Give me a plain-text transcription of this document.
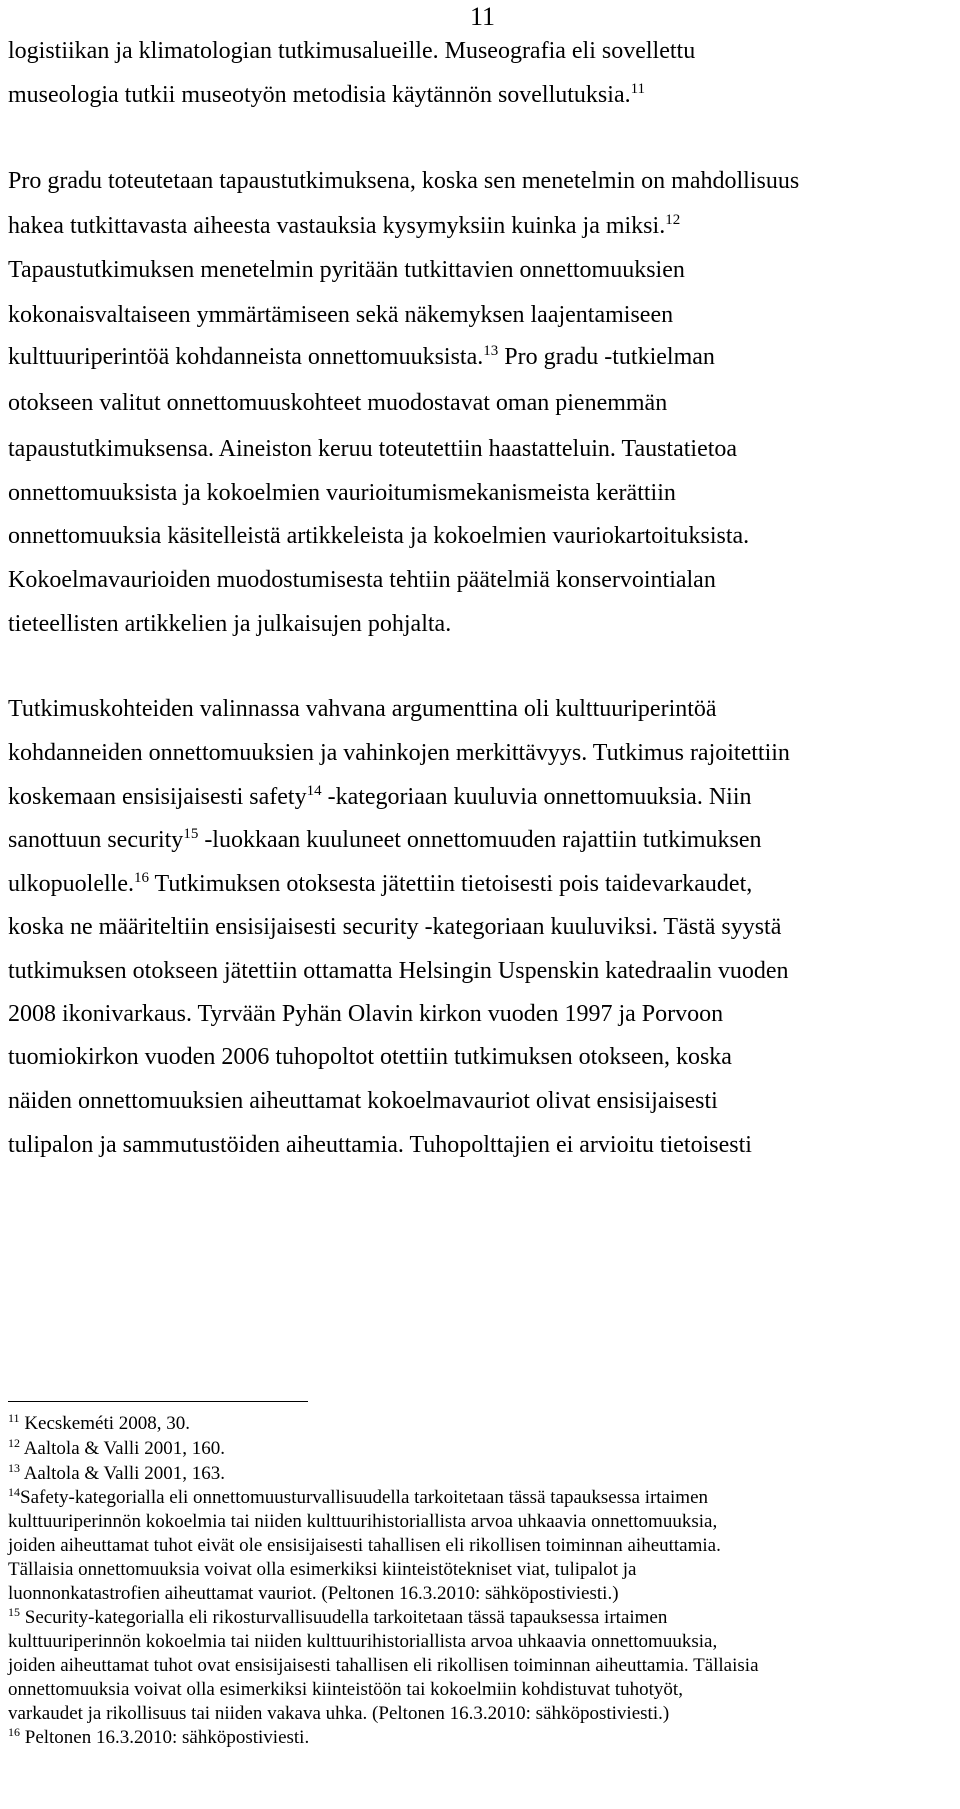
11
logistiikan ja klimatologian tutkimusalueille. Museografia eli sovellettu
museologia tutkii museotyön metodisia käytännön sovellutuksia.$^{11}$
Pro gradu toteutetaan tapaustutkimuksena, koska sen menetelmin on mahdollisuus
hakea tutkittavasta aiheesta vastauksia kysymyksiin kuinka ja miksi.$^{12}$
Tapaustutkimuksen menetelmin pyritään tutkittavien onnettomuuksien
kokonaisvaltaiseen ymmärtämiseen sekä näkemyksen laajentamiseen
kulttuuriperintöä kohdanneista onnettomuuksista.$^{13}$ Pro gradu -tutkielman
otokseen valitut onnettomuuskohteet muodostavat oman pienemmän
tapaustutkimuksensa. Aineiston keruu toteutettiin haastatteluin. Taustatietoa
onnettomuuksista ja kokoelmien vaurioitumismekanismeista kerättiin
onnettomuuksia käsitelleistä artikkeleista ja kokoelmien vauriokartoituksista.
Kokoelmavaurioiden muodostumisesta tehtiin päätelmiä konservointialan
tieteellisten artikkelien ja julkaisujen pohjalta.
Tutkimuskohteiden valinnassa vahvana argumenttina oli kulttuuriperintöä
kohdanneiden onnettomuuksien ja vahinkojen merkittävyys. Tutkimus rajoitettiin
koskemaan ensisijaisesti safety$^{14}$ -kategoriaan kuuluvia onnettomuuksia. Niin
sanottuun security$^{15}$ -luokkaan kuuluneet onnettomuuden rajattiin tutkimuksen
ulkopuolelle.$^{16}$ Tutkimuksen otoksesta jätettiin tietoisesti pois taidevarkaudet,
koska ne määriteltiin ensisijaisesti security -kategoriaan kuuluviksi. Tästä syystä
tutkimuksen otokseen jätettiin ottamatta Helsingin Uspenskin katedraalin vuoden
2008 ikonivarkaus. Tyrvään Pyhän Olavin kirkon vuoden 1997 ja Porvoon
tuomiokirkon vuoden 2006 tuhopoltot otettiin tutkimuksen otokseen, koska
näiden onnettomuuksien aiheuttamat kokoelmavauriot olivat ensisijaisesti
tulipalon ja sammutustöiden aiheuttamia. Tuhopolttajien ei arvioitu tietoisesti
$^{11}$ Kecskeméti 2008, 30.
$^{12}$ Aaltola & Valli 2001, 160.
$^{13}$ Aaltola & Valli 2001, 163.
$^{14}$Safety-kategorialla eli onnettomuusturvallisuudella tarkoitetaan tässä tapauksessa irtaimen
kulttuuriperinnön kokoelmia tai niiden kulttuurihistoriallista arvoa uhkaavia onnettomuuksia,
joiden aiheuttamat tuhot eivät ole ensisijaisesti tahallisen eli rikollisen toiminnan aiheuttamia.
Tällaisia onnettomuuksia voivat olla esimerkiksi kiinteistötekniset viat, tulipalot ja
luonnonkatastrofien aiheuttamat vauriot. (Peltonen 16.3.2010: sähköpostiviesti.)
$^{15}$ Security-kategorialla eli rikosturvallisuudella tarkoitetaan tässä tapauksessa irtaimen
kulttuuriperinnön kokoelmia tai niiden kulttuurihistoriallista arvoa uhkaavia onnettomuuksia,
joiden aiheuttamat tuhot ovat ensisijaisesti tahallisen eli rikollisen toiminnan aiheuttamia. Tällaisia
onnettomuuksia voivat olla esimerkiksi kiinteistöön tai kokoelmiin kohdistuvat tuhotyöt,
varkaudet ja rikollisuus tai niiden vakava uhka. (Peltonen 16.3.2010: sähköpostiviesti.)
$^{16}$ Peltonen 16.3.2010: sähköpostiviesti.
